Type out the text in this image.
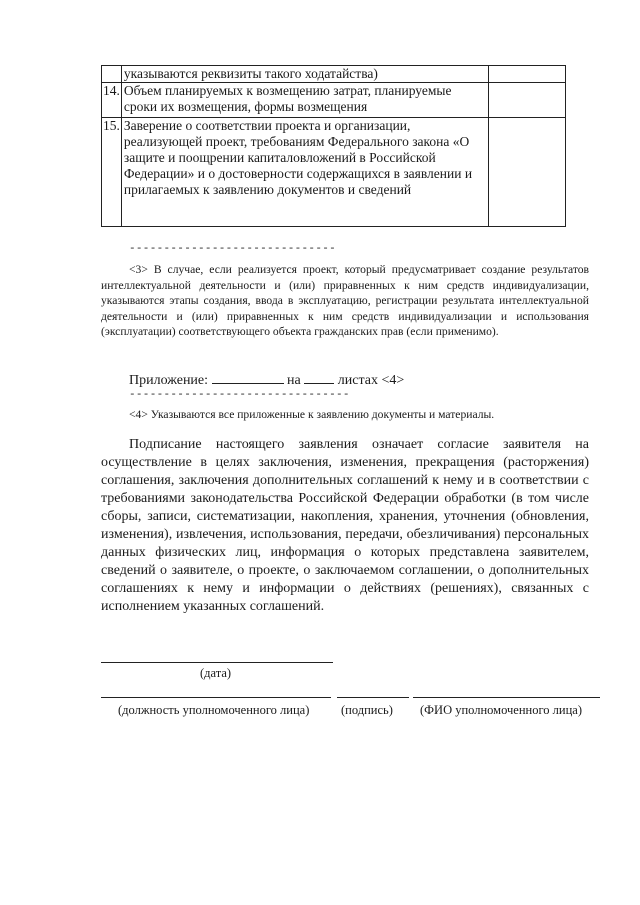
	указываются реквизиты такого ходатайства)	
14.	Объем планируемых к возмещению затрат, планируемые сроки их возмещения, формы возмещения	
15.	Заверение о соответствии проекта и организации, реализующей проект, требованиям Федерального закона «О защите и поощрении капиталовложений в Российской Федерации» и о достоверности содержащихся в заявлении и прилагаемых к заявлению документов и сведений	
------------------------------
<3> В случае, если реализуется проект, который предусматривает создание результатов интеллектуальной деятельности и (или) приравненных к ним средств индивидуализации, указываются этапы создания, ввода в эксплуатацию, регистрации результата интеллектуальной деятельности и (или) приравненных к ним средств индивидуализации и использования (эксплуатации) соответствующего объекта гражданских прав (если применимо).
Приложение:	на	листах <4>
--------------------------------
<4> Указываются все приложенные к заявлению документы и материалы.
Подписание настоящего заявления означает согласие заявителя на осуществление в целях заключения, изменения, прекращения (расторжения) соглашения, заключения дополнительных соглашений к нему и в соответствии с требованиями законодательства Российской Федерации обработки (в том числе сборы, записи, систематизации, накопления, хранения, уточнения (обновления, изменения), извлечения, использования, передачи, обезличивания) персональных данных физических лиц, информация о которых представлена заявителем, сведений о заявителе, о проекте, о заключаемом соглашении, о дополнительных соглашениях к нему и информации о действиях (решениях), связанных с исполнением указанных соглашений.
(дата)
(должность уполномоченного лица)	(подпись) (ФИО уполномоченного лица)
